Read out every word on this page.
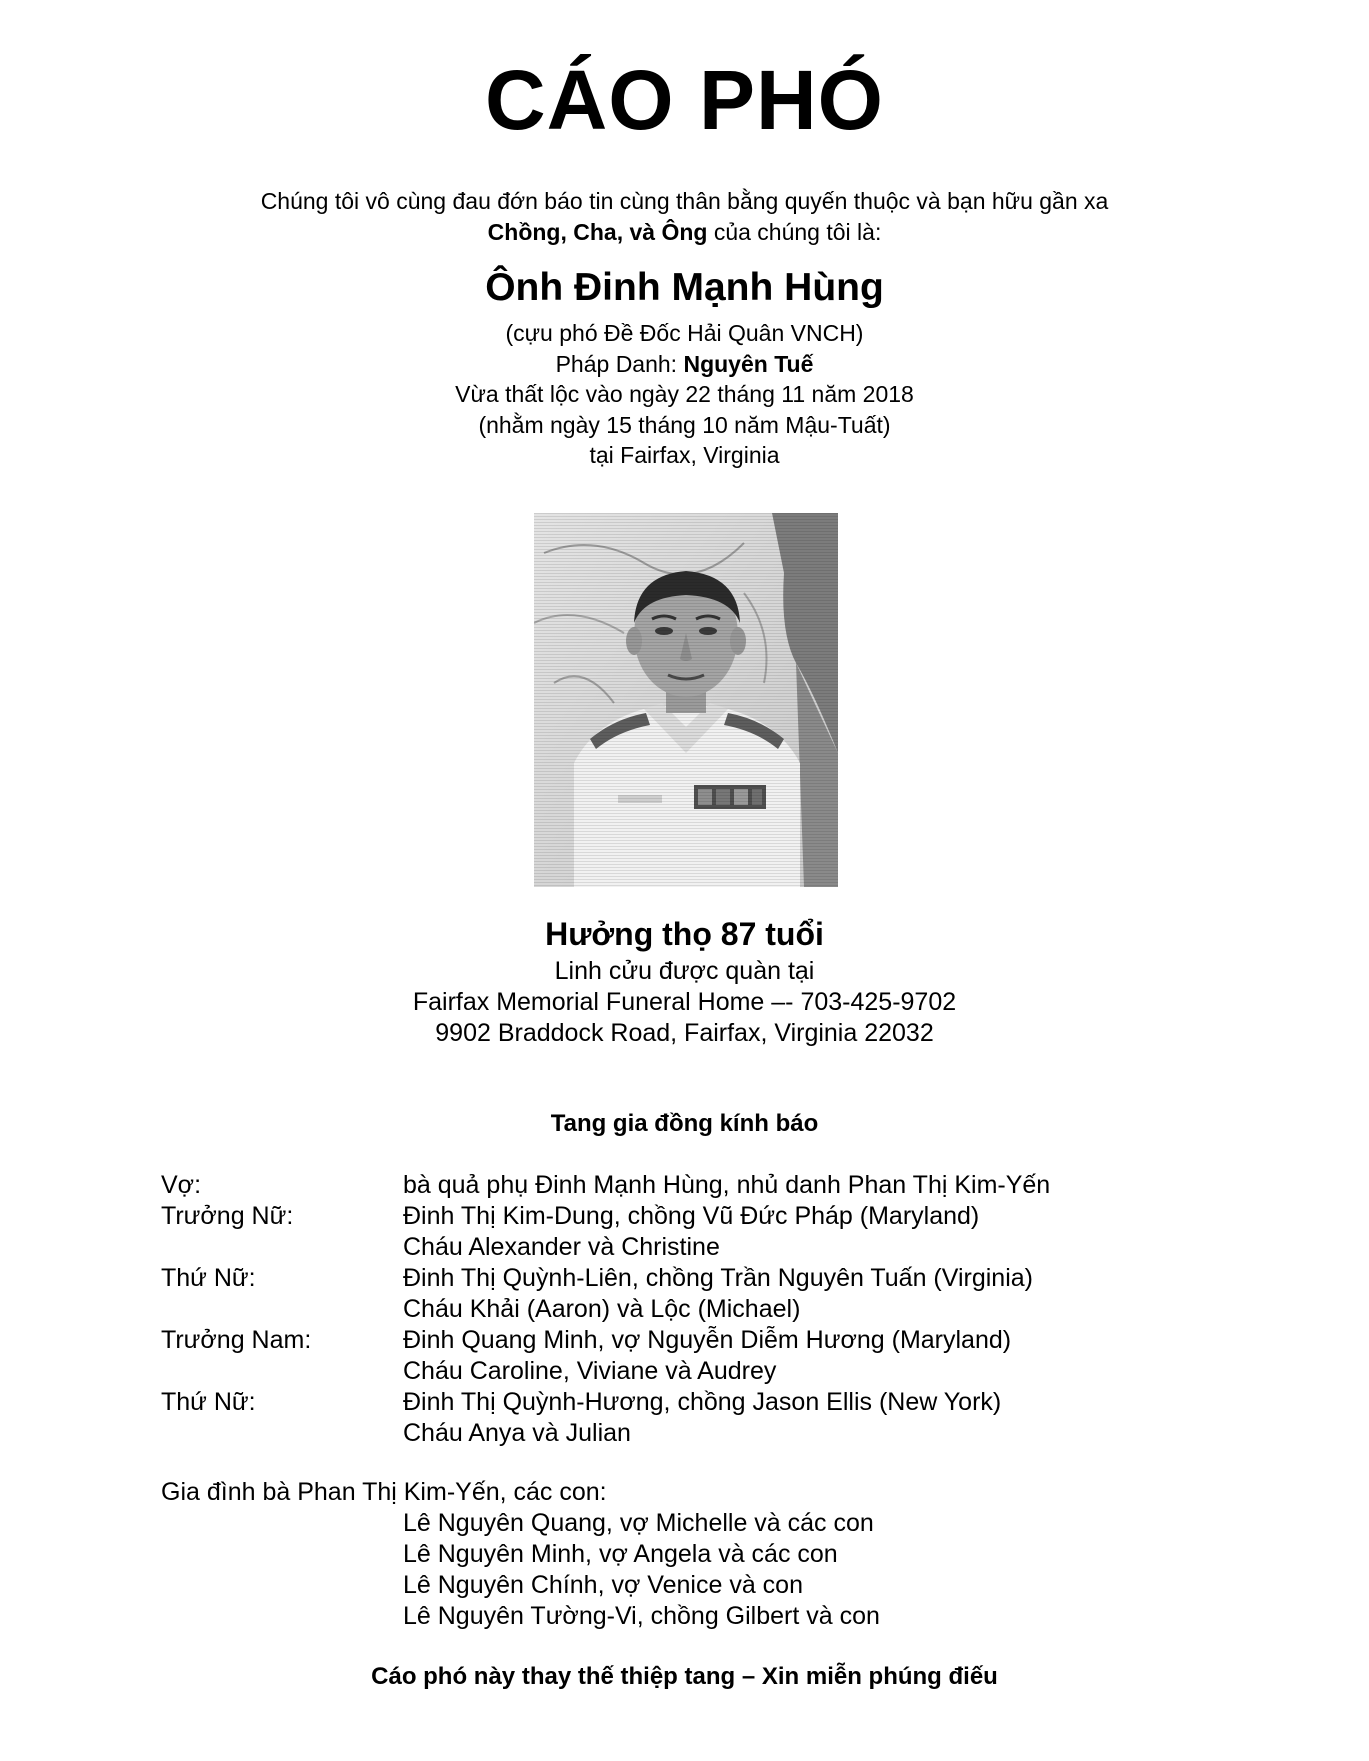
CÁO PHÓ
Chúng tôi vô cùng đau đớn báo tin cùng thân bằng quyến thuộc và bạn hữu gần xa
Chồng, Cha, và Ông của chúng tôi là:
Ônh Đinh Mạnh Hùng
(cựu phó Đề Đốc Hải Quân VNCH)
Pháp Danh: Nguyên Tuế
Vừa thất lộc vào ngày 22 tháng 11 năm 2018
(nhằm ngày 15 tháng 10 năm Mậu-Tuất)
tại Fairfax, Virginia
Hưởng thọ 87 tuổi
Linh cửu được quàn tại
Fairfax Memorial Funeral Home –- 703-425-9702
9902 Braddock Road, Fairfax, Virginia 22032
Tang gia đồng kính báo
Vợ:	bà quả phụ Đinh Mạnh Hùng, nhủ danh Phan Thị Kim-Yến
Trưởng Nữ:	Đinh Thị Kim-Dung, chồng Vũ Đức Pháp (Maryland)
Cháu Alexander và Christine
Thứ Nữ:	Đinh Thị Quỳnh-Liên, chồng Trần Nguyên Tuấn (Virginia)
Cháu Khải (Aaron) và Lộc (Michael)
Trưởng Nam:	Đinh Quang Minh, vợ Nguyễn Diễm Hương (Maryland)
Cháu Caroline, Viviane và Audrey
Thứ Nữ:	Đinh Thị Quỳnh-Hương, chồng Jason Ellis (New York)
Cháu Anya và Julian
Gia đình bà Phan Thị Kim-Yến, các con:
Lê Nguyên Quang, vợ Michelle và các con
Lê Nguyên Minh, vợ Angela và các con
Lê Nguyên Chính, vợ Venice và con
Lê Nguyên Tường-Vi, chồng Gilbert và con
Cáo phó này thay thế thiệp tang – Xin miễn phúng điếu
